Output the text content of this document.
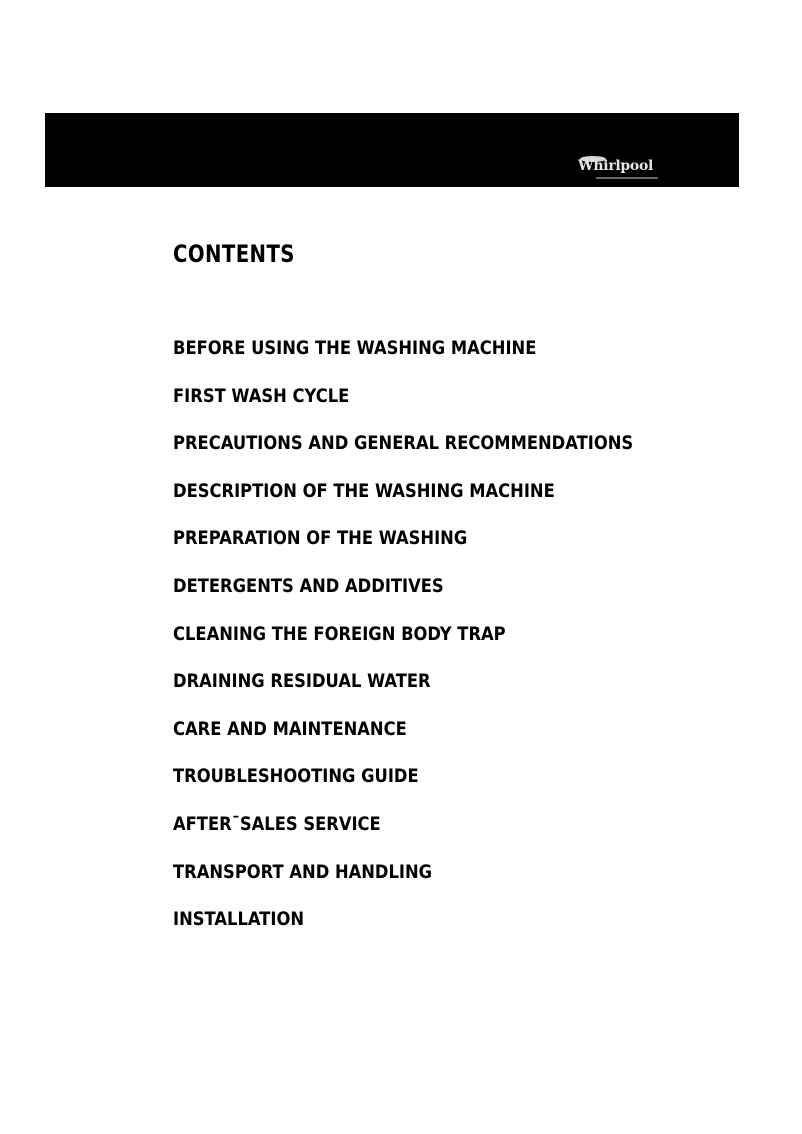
Whirlpool
CONTENTS
BEFORE USING THE WASHING MACHINE
FIRST WASH CYCLE
PRECAUTIONS AND GENERAL RECOMMENDATIONS
DESCRIPTION OF THE WASHING MACHINE
PREPARATION OF THE WASHING
DETERGENTS AND ADDITIVES
CLEANING THE FOREIGN BODY TRAP
DRAINING RESIDUAL WATER
CARE AND MAINTENANCE
TROUBLESHOOTING GUIDE
AFTER¯SALES SERVICE
TRANSPORT AND HANDLING
INSTALLATION
